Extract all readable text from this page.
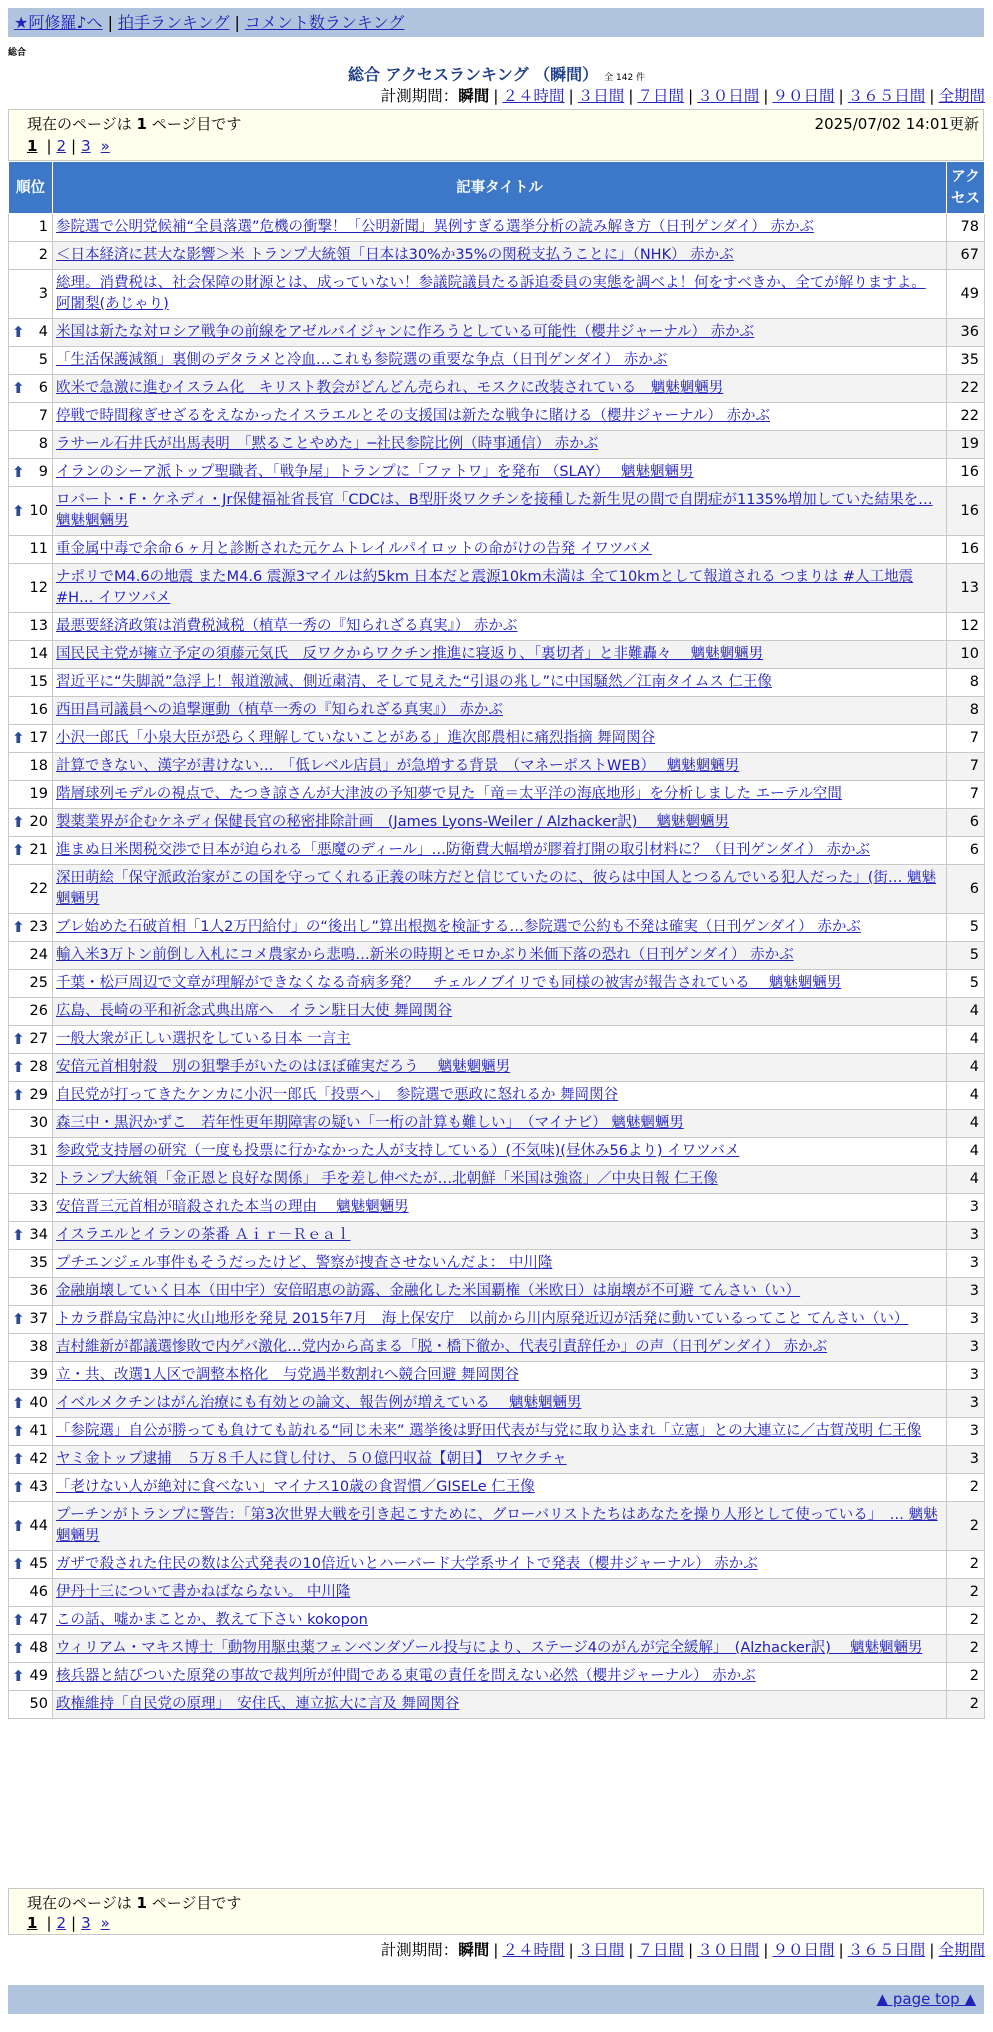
★阿修羅♪へ | 拍手ランキング | コメント数ランキング
総合
総合 アクセスランキング （瞬間） 全 142 件
計測期間：瞬間 | ２４時間 | ３日間 | ７日間 | ３０日間 | ９０日間 | ３６５日間 | 全期間
現在のページは 1 ページ目です	2025/07/02 14:01更新
1 | 2 | 3 »
順位	記事タイトル	アクセス
1	参院選で公明党候補“全員落選”危機の衝撃！「公明新聞」異例すぎる選挙分析の読み解き方（日刊ゲンダイ） 赤かぶ	78
2	＜日本経済に甚大な影響＞米 トランプ大統領「日本は30%か35%の関税支払うことに」（NHK） 赤かぶ	67
3	総理。消費税は、社会保障の財源とは、成っていない！参議院議員たる訴追委員の実態を調べよ！何をすべきか、全てが解りますよ。 阿闍梨(あじゃり)	49

⬆ 4	米国は新たな対ロシア戦争の前線をアゼルバイジャンに作ろうとしている可能性（櫻井ジャーナル） 赤かぶ	36
5	「生活保護減額」裏側のデタラメと冷血…これも参院選の重要な争点（日刊ゲンダイ） 赤かぶ	35

⬆ 6	欧米で急激に進むイスラム化　キリスト教会がどんどん売られ、モスクに改装されている　魑魅魍魎男	22
7	停戦で時間稼ぎせざるをえなかったイスラエルとその支援国は新たな戦争に賭ける（櫻井ジャーナル） 赤かぶ	22
8	ラサール石井氏が出馬表明　「黙ることやめた」─社民参院比例（時事通信） 赤かぶ	19

⬆ 9	イランのシーア派トップ聖職者、「戦争屋」トランプに「ファトワ」を発布 （SLAY）　 魑魅魍魎男	16

⬆ 10	ロバート・F・ケネディ・Jr保健福祉省長官「CDCは、B型肝炎ワクチンを接種した新生児の間で自閉症が1135%増加していた結果を… 魑魅魍魎男	16
11	重金属中毒で余命６ヶ月と診断された元ケムトレイルパイロットの命がけの告発 イワツバメ	16
12	ナポリでM4.6の地震 またM4.6 震源3マイルは約5km 日本だと震源10km未満は 全て10kmとして報道される つまりは #人工地震 #H… イワツバメ	13
13	最悪要経済政策は消費税減税（植草一秀の『知られざる真実』） 赤かぶ	12
14	国民民主党が擁立予定の須藤元気氏　反ワクからワクチン推進に寝返り、「裏切者」と非難轟々　 魑魅魍魎男	10
15	習近平に“失脚説”急浮上！報道激減、側近粛清、そして見えた“引退の兆し”に中国騒然／江南タイムス 仁王像	8
16	西田昌司議員への追撃運動（植草一秀の『知られざる真実』） 赤かぶ	8

⬆ 17	小沢一郎氏「小泉大臣が恐らく理解していないことがある」進次郎農相に痛烈指摘 舞岡関谷	7
18	計算できない、漢字が書けない…　「低レベル店員」が急増する背景　（マネーポストWEB）　 魑魅魍魎男	7
19	階層球列モデルの視点で、たつき諒さんが大津波の予知夢で見た「竜＝太平洋の海底地形」を分析しました エーテル空間	7

⬆ 20	製薬業界が企むケネディ保健長官の秘密排除計画　(James Lyons-Weiler / Alzhacker訳)　 魑魅魍魎男	6

⬆ 21	進まぬ日米関税交渉で日本が迫られる「悪魔のディール」…防衛費大幅増が膠着打開の取引材料に？（日刊ゲンダイ） 赤かぶ	6
22	深田萌絵「保守派政治家がこの国を守ってくれる正義の味方だと信じていたのに、彼らは中国人とつるんでいる犯人だった」(街… 魑魅魍魎男	6

⬆ 23	ブレ始めた石破首相「1人2万円給付」の“後出し”算出根拠を検証する…参院選で公約も不発は確実（日刊ゲンダイ） 赤かぶ	5
24	輸入米3万トン前倒し入札にコメ農家から悲鳴…新米の時期とモロかぶり米価下落の恐れ（日刊ゲンダイ） 赤かぶ	5
25	千葉・松戸周辺で文章が理解ができなくなる奇病多発？　チェルノブイリでも同様の被害が報告されている　 魑魅魍魎男	5
26	広島、長崎の平和祈念式典出席へ　イラン駐日大使 舞岡関谷	4

⬆ 27	一般大衆が正しい選択をしている日本 一言主	4

⬆ 28	安倍元首相射殺　別の狙撃手がいたのはほぼ確実だろう　 魑魅魍魎男	4

⬆ 29	自民党が打ってきたケンカに小沢一郎氏「投票へ」　参院選で悪政に怒れるか 舞岡関谷	4
30	森三中・黒沢かずこ　若年性更年期障害の疑い「一桁の計算も難しい」　（マイナビ） 魑魅魍魎男	4
31	参政党支持層の研究（一度も投票に行かなかった人が支持している）(不気味)(昼休み56より) イワツバメ	4
32	トランプ大統領「金正恩と良好な関係」 手を差し伸べたが…北朝鮮「米国は強盗」／中央日報 仁王像	4
33	安倍晋三元首相が暗殺された本当の理由　 魑魅魍魎男	3

⬆ 34	イスラエルとイランの茶番 Ａｉｒ－Ｒｅａｌ	3
35	プチエンジェル事件もそうだったけど、警察が捜査させないんだよ： 中川隆	3
36	金融崩壊していく日本（田中宇）安倍昭恵の訪露、金融化した米国覇権（米欧日）は崩壊が不可避 てんさい（い）	3

⬆ 37	トカラ群島宝島沖に火山地形を発見 2015年7月　海上保安庁　以前から川内原発近辺が活発に動いているってこと てんさい（い）	3
38	吉村維新が都議選惨敗で内ゲバ激化…党内から高まる「脱・橋下徹か、代表引責辞任か」の声（日刊ゲンダイ） 赤かぶ	3
39	立・共、改選1人区で調整本格化　与党過半数割れへ競合回避 舞岡関谷	3

⬆ 40	イベルメクチンはがん治療にも有効との論文、報告例が増えている　 魑魅魍魎男	3

⬆ 41	「参院選」自公が勝っても負けても訪れる“同じ未来” 選挙後は野田代表が与党に取り込まれ「立憲」との大連立に／古賀茂明 仁王像	3

⬆ 42	ヤミ金トップ逮捕　５万８千人に貸し付け、５０億円収益【朝日】 ワヤクチャ	3

⬆ 43	「老けない人が絶対に食べない」マイナス10歳の食習慣／GISELe 仁王像	2

⬆ 44	プーチンがトランプに警告：「第3次世界大戦を引き起こすために、グローバリストたちはあなたを操り人形として使っている」　… 魑魅魍魎男	2

⬆ 45	ガザで殺された住民の数は公式発表の10倍近いとハーバード大学系サイトで発表（櫻井ジャーナル） 赤かぶ	2
46	伊丹十三について書かねばならない。 中川隆	2

⬆ 47	この話、嘘かまことか、教えて下さい kokopon	2

⬆ 48	ウィリアム・マキス博士「動物用駆虫薬フェンベンダゾール投与により、ステージ4のがんが完全緩解」　(Alzhacker訳)　 魑魅魍魎男	2

⬆ 49	核兵器と結びついた原発の事故で裁判所が仲間である東電の責任を問えない必然（櫻井ジャーナル） 赤かぶ	2
50	政権維持「自民党の原理」　安住氏、連立拡大に言及 舞岡関谷	2
現在のページは 1 ページ目です
1 | 2 | 3 »
計測期間：瞬間 | ２４時間 | ３日間 | ７日間 | ３０日間 | ９０日間 | ３６５日間 | 全期間
▲ page top ▲
